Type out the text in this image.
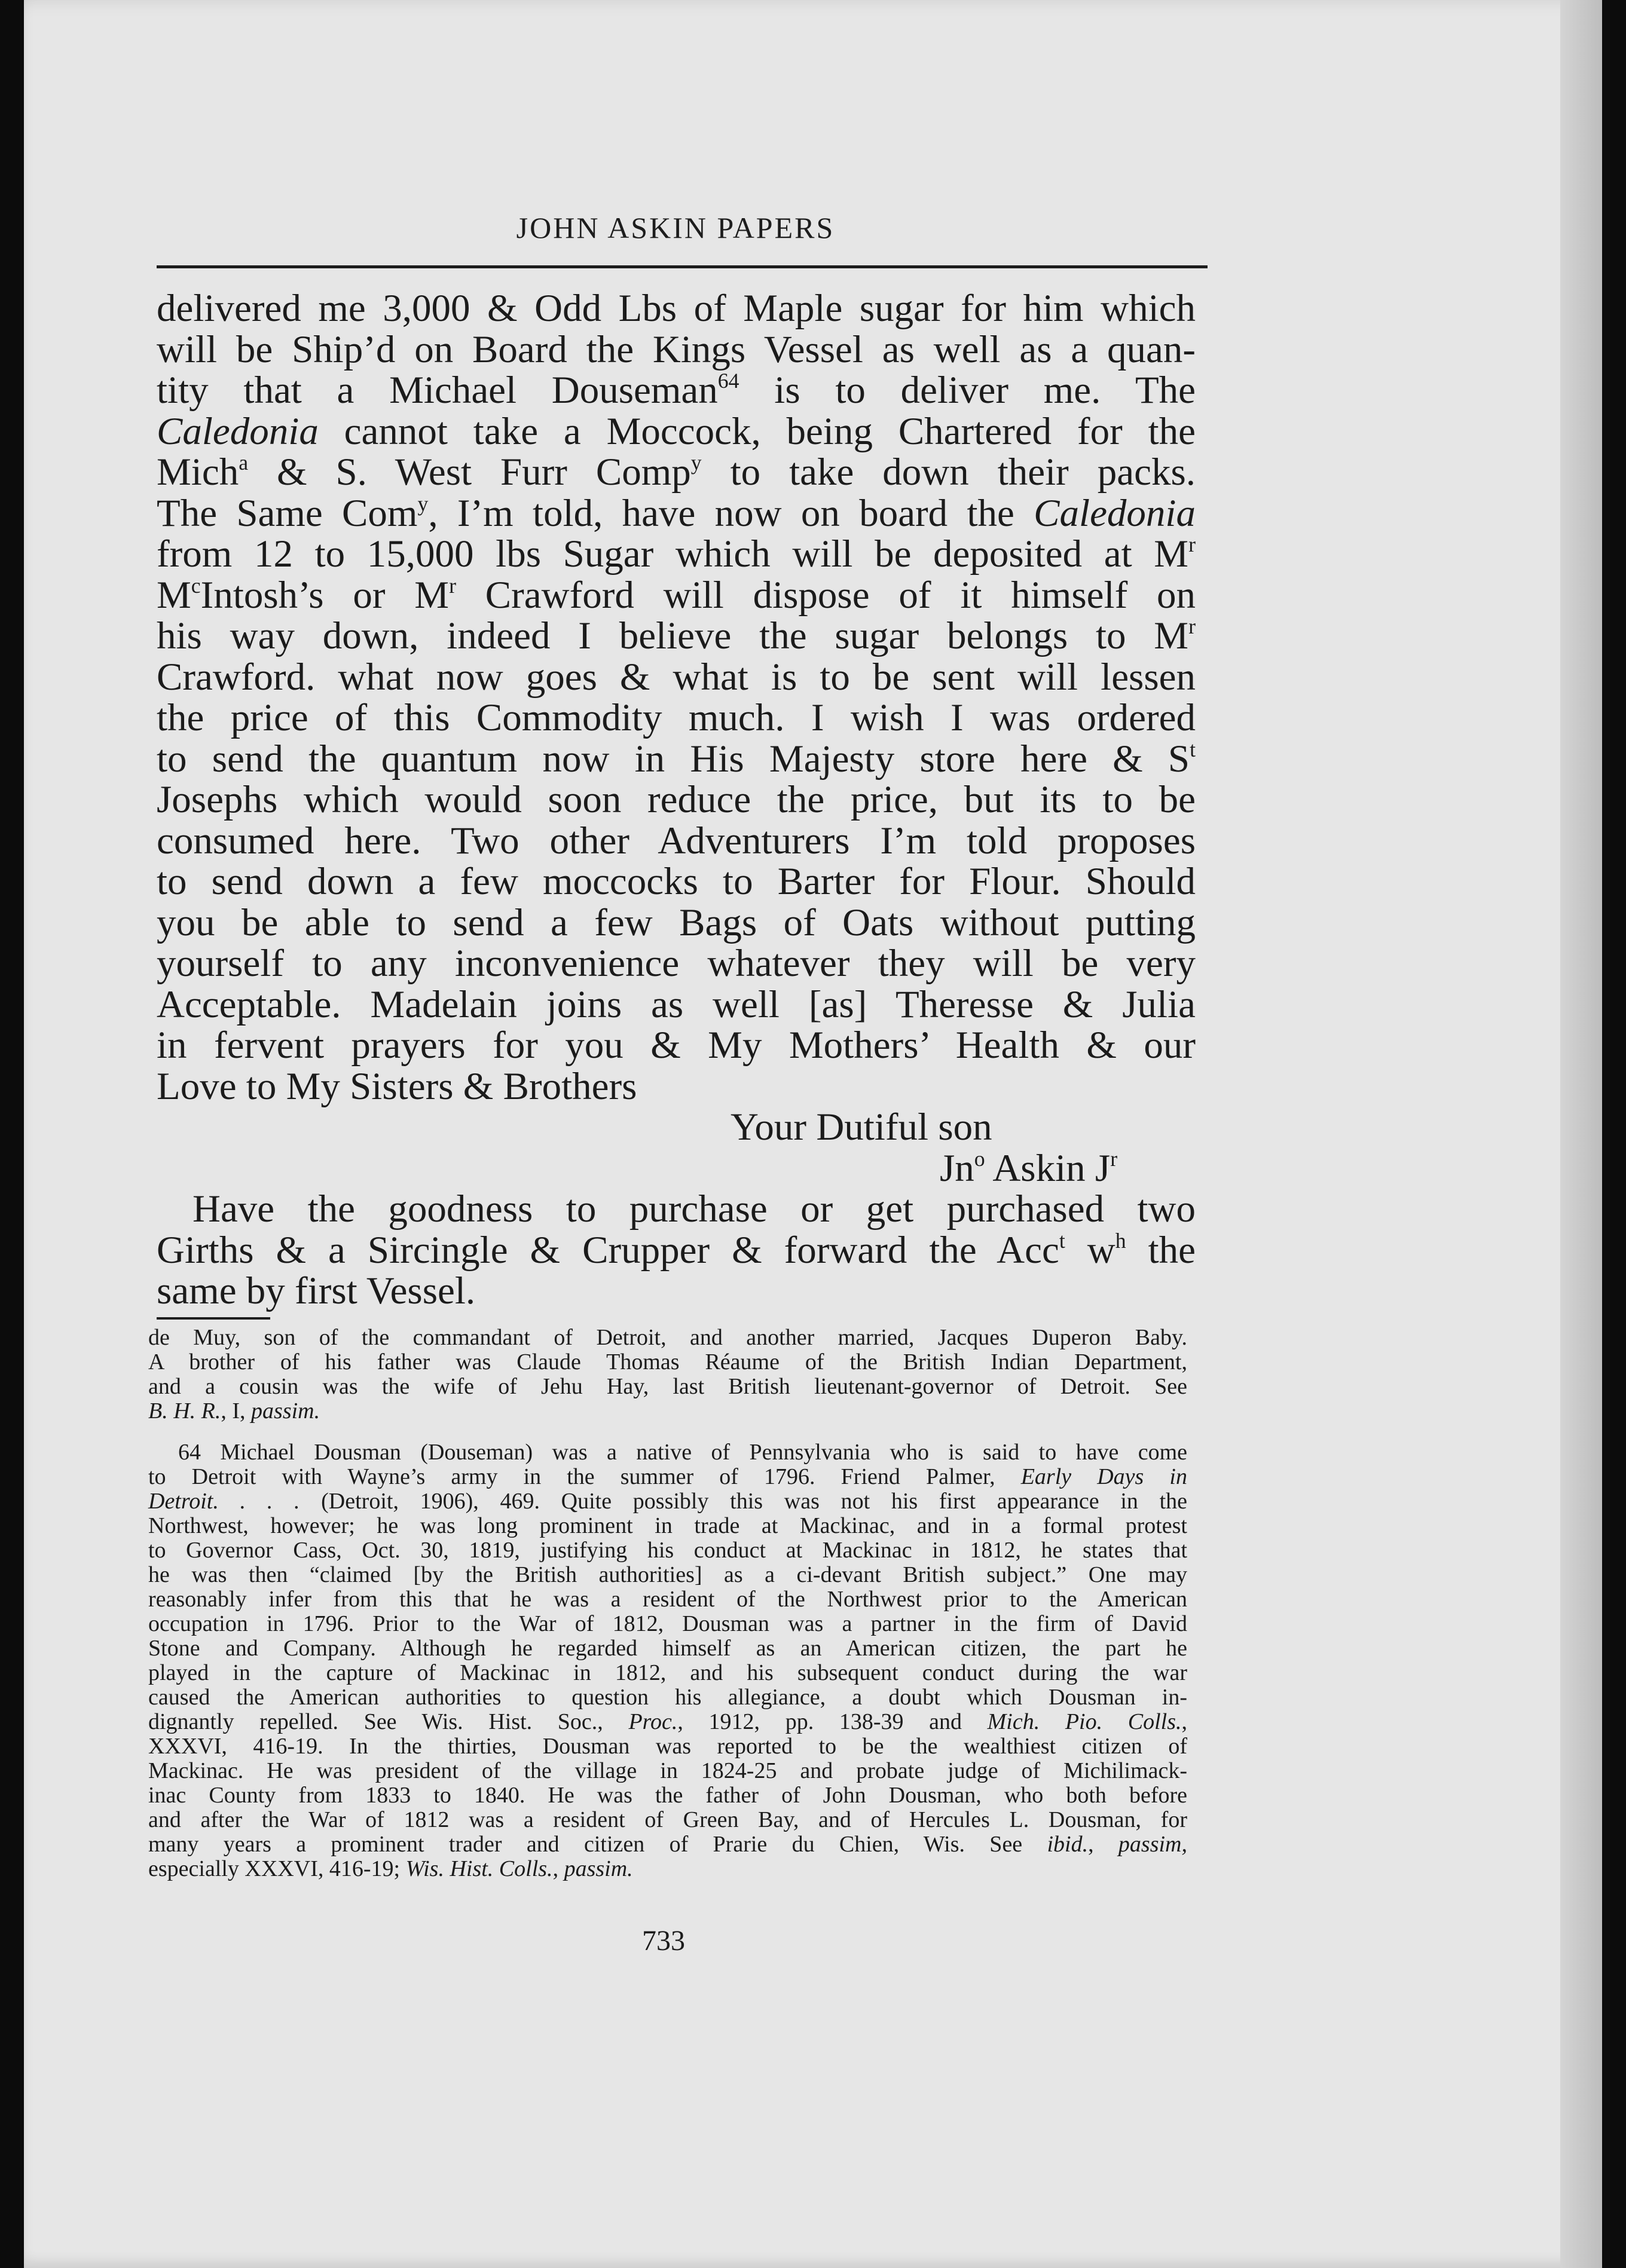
JOHN ASKIN PAPERS
delivered me 3,000 & Odd Lbs of Maple sugar for him which
will be Ship’d on Board the Kings Vessel as well as a quan-
tity that a Michael Douseman$^{64}$ is to deliver me. The
Caledonia cannot take a Moccock, being Chartered for the
Mich$^a$ & S. West Furr Comp$^y$ to take down their packs.
The Same Com$^y$, I’m told, have now on board the Caledonia
from 12 to 15,000 lbs Sugar which will be deposited at $M^r$
$M^cIntosh’s$ or $M^r$ Crawford will dispose of it himself on
his way down, indeed I believe the sugar belongs to $M^r$
Crawford. what now goes & what is to be sent will lessen
the price of this Commodity much. I wish I was ordered
to send the quantum now in His Majesty store here & $S^t$
Josephs which would soon reduce the price, but its to be
consumed here. Two other Adventurers I’m told proposes
to send down a few moccocks to Barter for Flour. Should
you be able to send a few Bags of Oats without putting
yourself to any inconvenience whatever they will be very
Acceptable. Madelain joins as well [as] Theresse & Julia
in fervent prayers for you & My Mothers’ Health & our
Love to My Sisters & Brothers
Your Dutiful son
Jn$^o$ Askin $J^r$
Have the goodness to purchase or get purchased two
Girths & a Sircingle & Crupper & forward the Acc$^t$ $w^h$ the
same by first Vessel.
de Muy, son of the commandant of Detroit, and another married, Jacques Duperon Baby.
A brother of his father was Claude Thomas Réaume of the British Indian Department,
and a cousin was the wife of Jehu Hay, last British lieutenant-governor of Detroit. See
B. H. R., I, passim.
64 Michael Dousman (Douseman) was a native of Pennsylvania who is said to have come
to Detroit with Wayne’s army in the summer of 1796. Friend Palmer, Early Days in
Detroit. . . . (Detroit, 1906), 469. Quite possibly this was not his first appearance in the
Northwest, however; he was long prominent in trade at Mackinac, and in a formal protest
to Governor Cass, Oct. 30, 1819, justifying his conduct at Mackinac in 1812, he states that
he was then “claimed [by the British authorities] as a ci-devant British subject.” One may
reasonably infer from this that he was a resident of the Northwest prior to the American
occupation in 1796. Prior to the War of 1812, Dousman was a partner in the firm of David
Stone and Company. Although he regarded himself as an American citizen, the part he
played in the capture of Mackinac in 1812, and his subsequent conduct during the war
caused the American authorities to question his allegiance, a doubt which Dousman in-
dignantly repelled. See Wis. Hist. Soc., Proc., 1912, pp. 138-39 and Mich. Pio. Colls.,
XXXVI, 416-19. In the thirties, Dousman was reported to be the wealthiest citizen of
Mackinac. He was president of the village in 1824-25 and probate judge of Michilimack-
inac County from 1833 to 1840. He was the father of John Dousman, who both before
and after the War of 1812 was a resident of Green Bay, and of Hercules L. Dousman, for
many years a prominent trader and citizen of Prarie du Chien, Wis. See ibid., passim,
especially XXXVI, 416-19; Wis. Hist. Colls., passim.
733
